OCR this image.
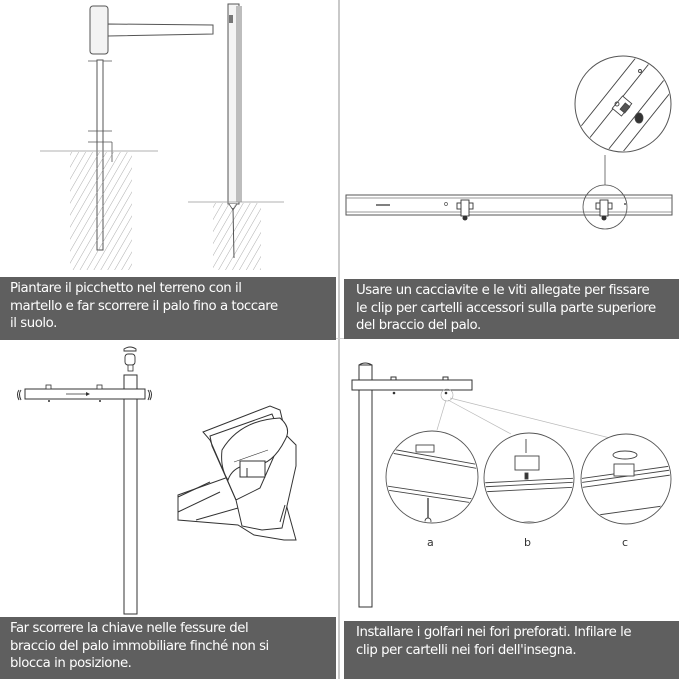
Piantare il picchetto nel terreno con il
martello e far scorrere il palo fino a toccare
il suolo.
Usare un cacciavite e le viti allegate per fissare
le clip per cartelli accessori sulla parte superiore
del braccio del palo.
Far scorrere la chiave nelle fessure del
braccio del palo immobiliare finché non si
blocca in posizione.
a	b	c
Installare i golfari nei fori preforati. Infilare le
clip per cartelli nei fori dell'insegna.
